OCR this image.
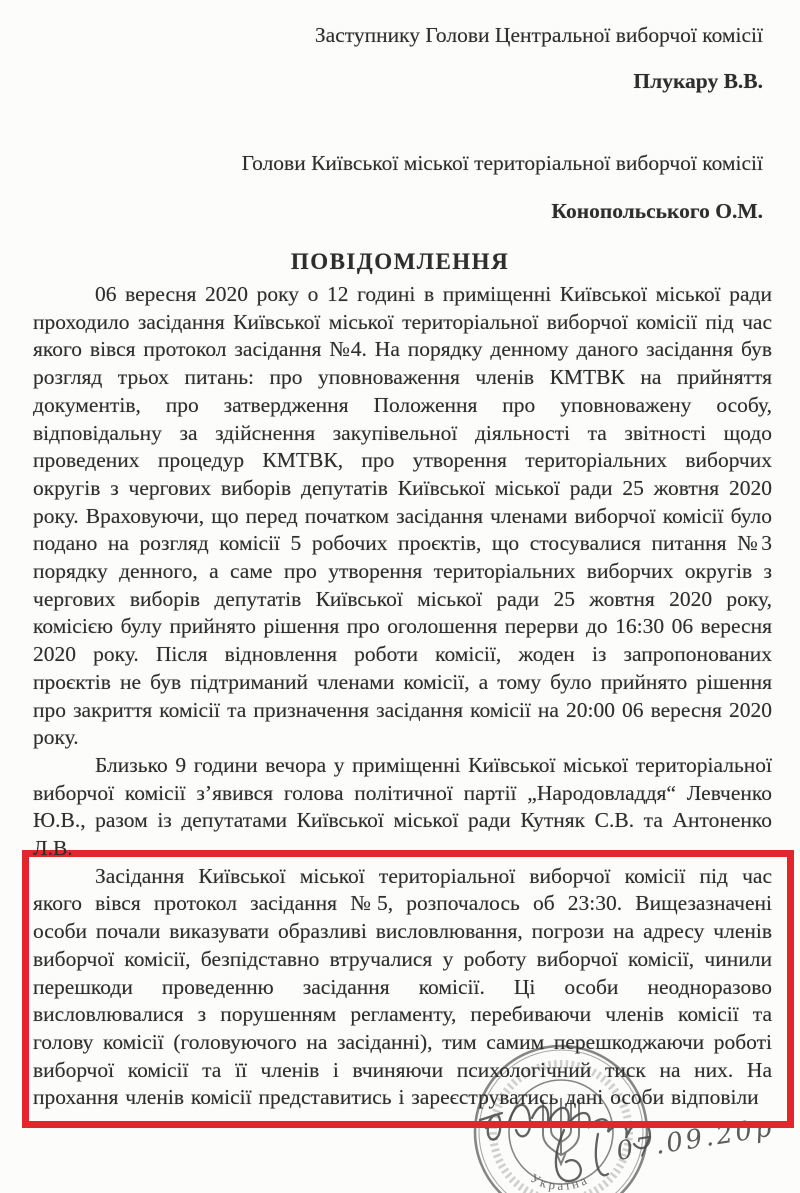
Заступнику Голови Центральної виборчої комісії

Плукару В.В.

Голови Київської міської територіальної виборчої комісії

Конопольського О.М.

ПОВІДОМЛЕННЯ

06 вересня 2020 року о 12 годині в приміщенні Київської міської ради проходило засідання Київської міської територіальної виборчої комісії під час якого вівся протокол засідання №4. На порядку денному даного засідання був розгляд трьох питань: про уповноваження членів КМТВК на прийняття документів, про затвердження Положення про уповноважену особу, відповідальну за здійснення закупівельної діяльності та звітності щодо проведених процедур КМТВК, про утворення територіальних виборчих округів з чергових виборів депутатів Київської міської ради 25 жовтня 2020 року. Враховуючи, що перед початком засідання членами виборчої комісії було подано на розгляд комісії 5 робочих проєктів, що стосувалися питання №3 порядку денного, а саме про утворення територіальних виборчих округів з чергових виборів депутатів Київської міської ради 25 жовтня 2020 року, комісією булу прийнято рішення про оголошення перерви до 16:30 06 вересня 2020 року. Після відновлення роботи комісії, жоден із запропонованих проєктів не був підтриманий членами комісії, а тому було прийнято рішення про закриття комісії та призначення засідання комісії на 20:00 06 вересня 2020 року.

Близько 9 години вечора у приміщенні Київської міської територіальної виборчої комісії з’явився голова політичної партії „Народовладдя“ Левченко Ю.В., разом із депутатами Київської міської ради Кутняк С.В. та Антоненко Л.В.

Засідання Київської міської територіальної виборчої комісії під час якого вівся протокол засідання №5, розпочалось об 23:30. Вищезазначені особи почали виказувати образливі висловлювання, погрози на адресу членів виборчої комісії, безпідставно втручалися у роботу виборчої комісії, чинили перешкоди проведенню засідання комісії. Ці особи неодноразово висловлювалися з порушенням регламенту, перебиваючи членів комісії та голову комісії (головуючого на засіданні), тим самим перешкоджаючи роботі виборчої комісії та її членів і вчиняючи психологічний тиск на них. На прохання членів комісії представитись і зареєструватись дані особи відповіли

Україна
07.09.20р
